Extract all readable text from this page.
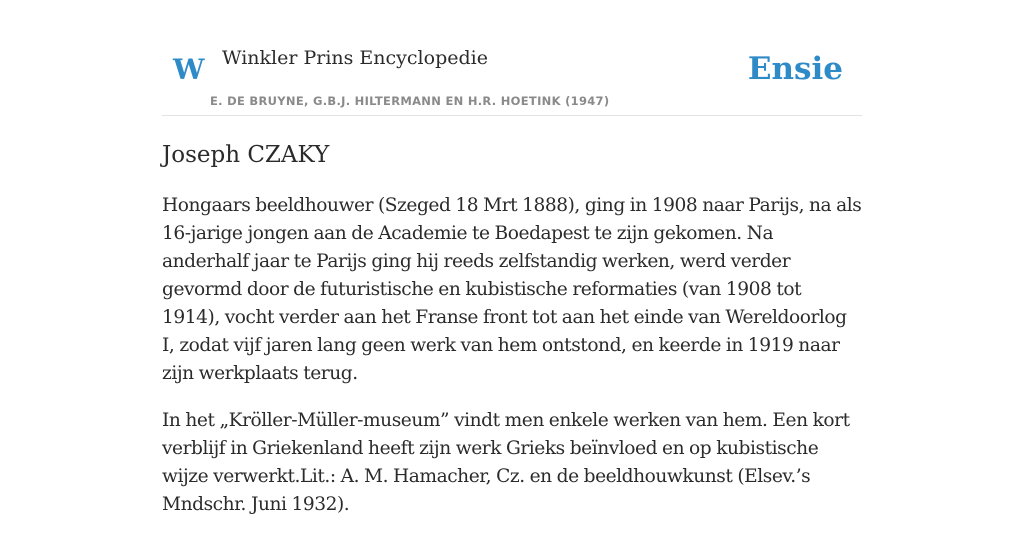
W Winkler Prins Encyclopedie
E. DE BRUYNE, G.B.J. HILTERMANN EN H.R. HOETINK (1947)
Ensie
Joseph CZAKY

Hongaars beeldhouwer (Szeged 18 Mrt 1888), ging in 1908 naar Parijs, na als 16-jarige jongen aan de Academie te Boedapest te zijn gekomen. Na anderhalf jaar te Parijs ging hij reeds zelfstandig werken, werd verder gevormd door de futuristische en kubistische reformaties (van 1908 tot 1914), vocht verder aan het Franse front tot aan het einde van Wereldoorlog I, zodat vijf jaren lang geen werk van hem ontstond, en keerde in 1919 naar zijn werkplaats terug.

In het „Kröller-Müller-museum” vindt men enkele werken van hem. Een kort verblijf in Griekenland heeft zijn werk Grieks beïnvloed en op kubistische wijze verwerkt.Lit.: A. M. Hamacher, Cz. en de beeldhouwkunst (Elsev.’s Mndschr. Juni 1932).
